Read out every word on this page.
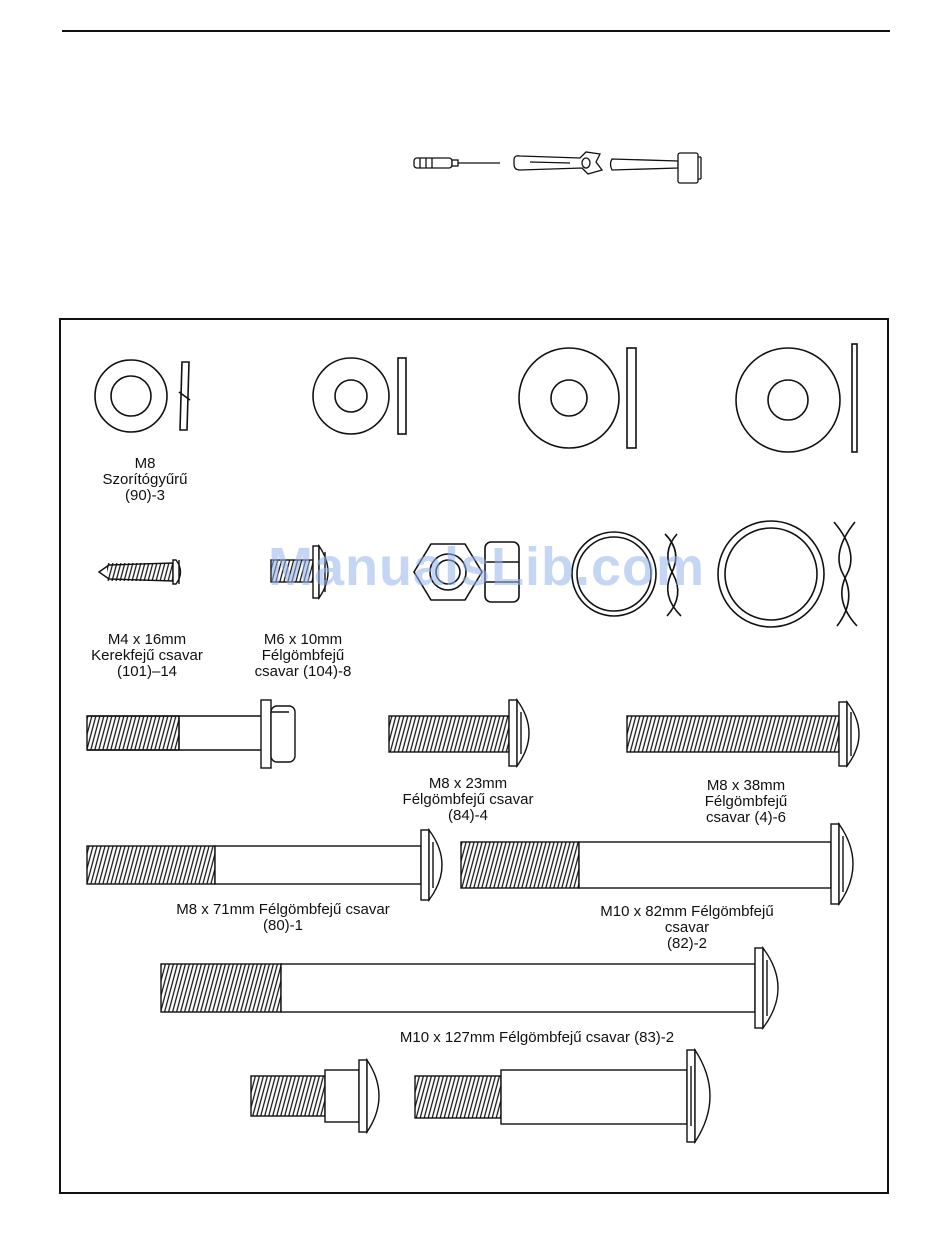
M8
Szorítógyűrű
(90)-3
M4 x 16mm
Kerekfejű csavar
(101)–14
M6 x 10mm
Félgömbfejű
csavar (104)-8
M8 x 23mm
Félgömbfejű csavar
(84)-4
M8 x 38mm Félgömbfejű
csavar (4)-6
M8 x 71mm Félgömbfejű csavar
(80)-1
M10 x 82mm Félgömbfejű csavar
(82)-2
M10 x 127mm Félgömbfejű csavar (83)-2
ManualsLib.com
